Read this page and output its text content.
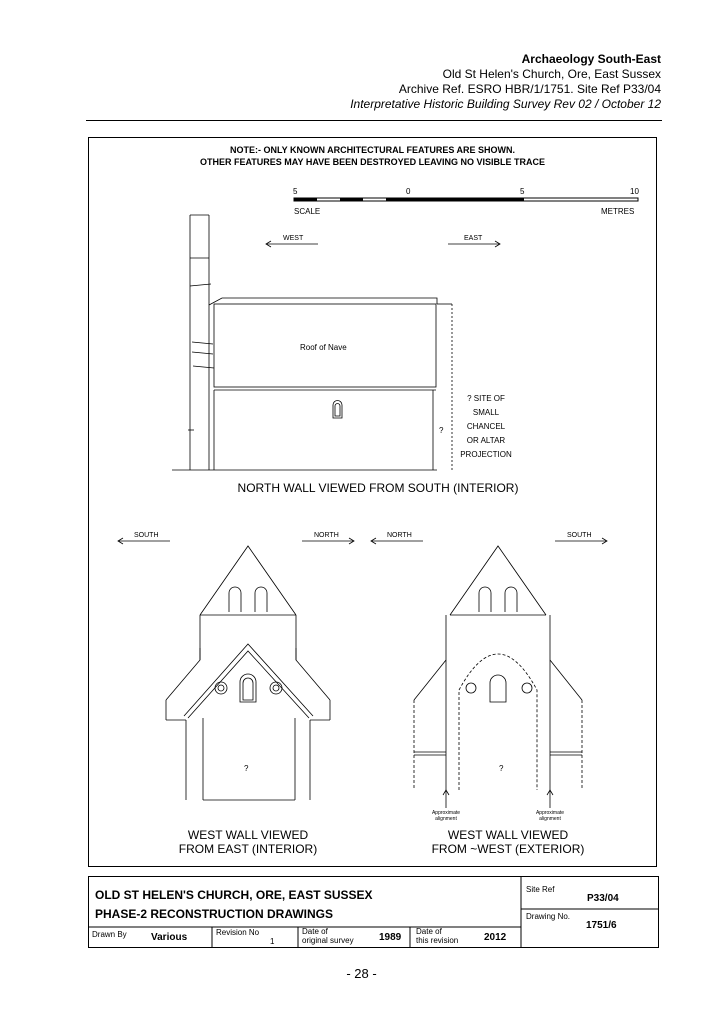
Archaeology South-East
Old St Helen's Church, Ore, East Sussex
Archive Ref. ESRO HBR/1/1751. Site Ref P33/04
Interpretative Historic Building Survey Rev 02 / October 12
NOTE:- ONLY KNOWN ARCHITECTURAL FEATURES ARE SHOWN.
OTHER FEATURES MAY HAVE BEEN DESTROYED LEAVING NO VISIBLE TRACE
5	0	5	10
SCALE	METRES
WEST	EAST
Roof of Nave
?
? SITE OF
SMALL
CHANCEL
OR ALTAR
PROJECTION
NORTH WALL VIEWED FROM SOUTH (INTERIOR)
SOUTH	NORTH
?
WEST WALL VIEWED
FROM EAST (INTERIOR)
NORTH	SOUTH
?
Approximate
alignment
Approximate
alignment
WEST WALL VIEWED
FROM ~WEST (EXTERIOR)
OLD ST HELEN'S CHURCH, ORE, EAST SUSSEX
PHASE-2 RECONSTRUCTION DRAWINGS
Site Ref
P33/04
Drawing No.
1751/6
Drawn By Various	Revision No
1
Date of
original survey	1989
Date of
this revision	2012
- 28 -
